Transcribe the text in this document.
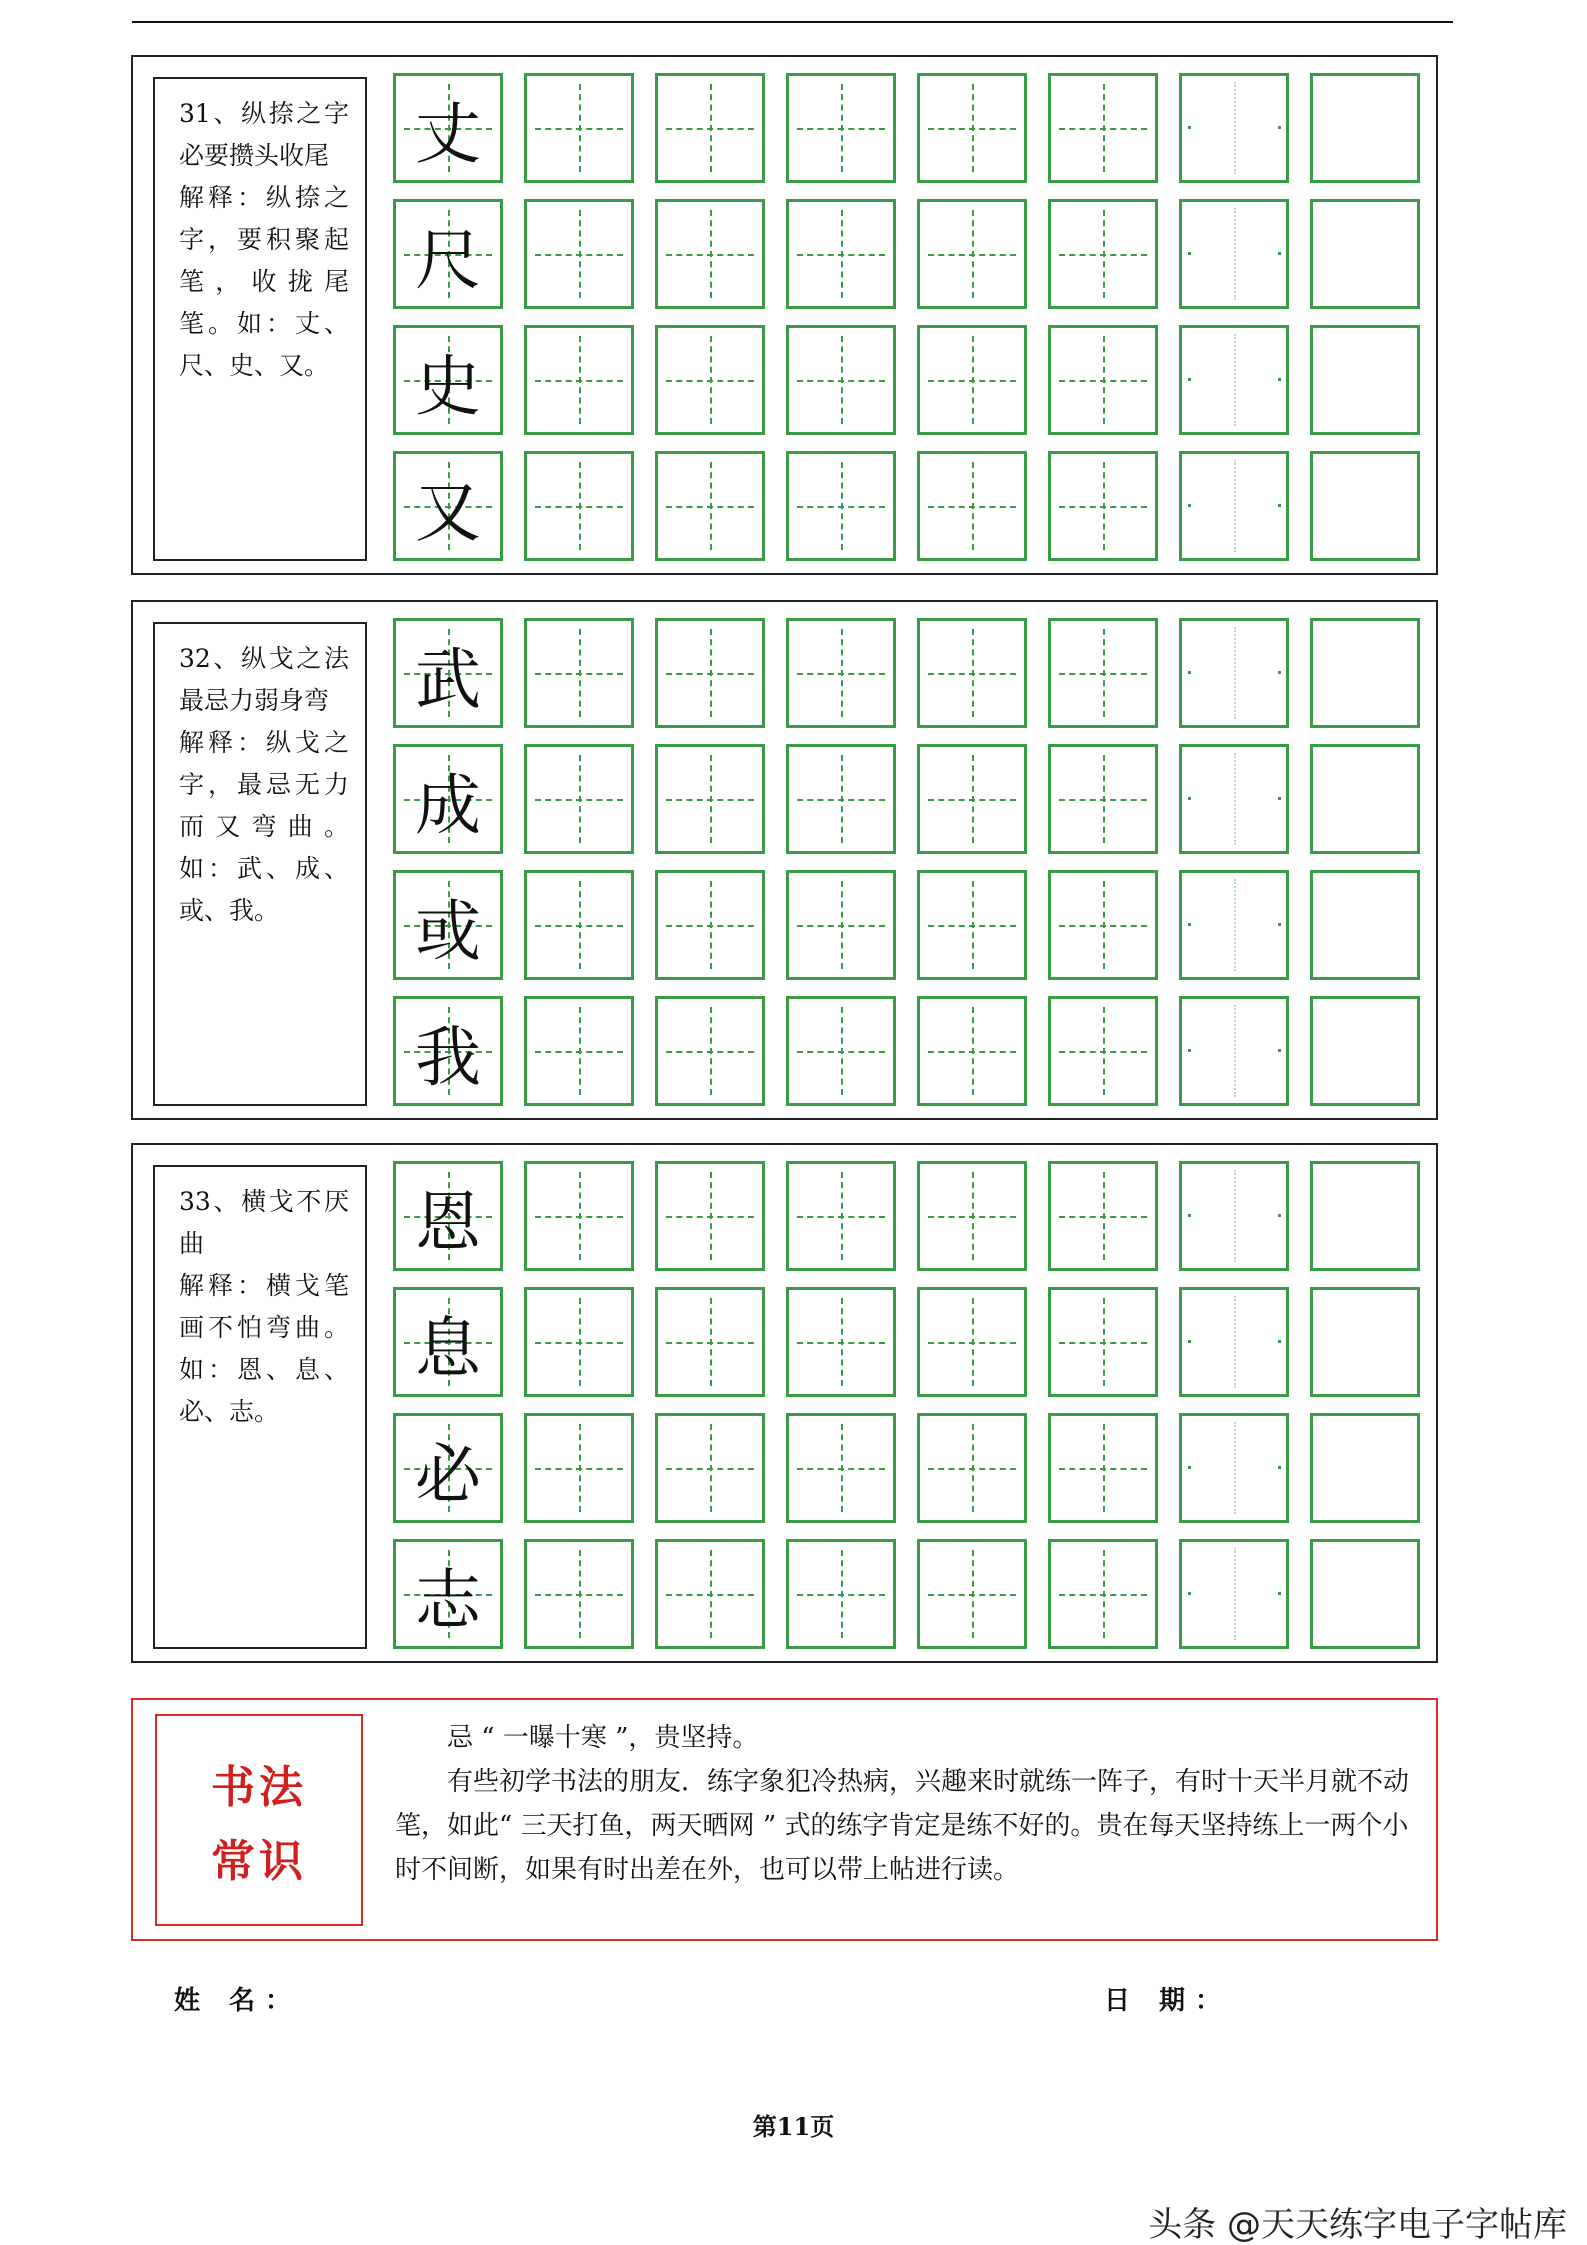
31、纵捺之字必要攒头收尾

解释：纵捺之字，要积聚起笔，收拢尾笔。如：丈、尺、史、又。

丈
尺
史
又

32、纵戈之法最忌力弱身弯

解释：纵戈之字，最忌无力而又弯曲。如：武、成、或、我。

武
成
或
我

33、横戈不厌曲

解释：横戈笔画不怕弯曲。如：恩、息、必、志。

恩
息
必
志
书法
常识

忌 “ 一曝十寒 ”，贵坚持。

有些初学书法的朋友．练字象犯冷热病，兴趣来时就练一阵子，有时十天半月就不动笔，如此“ 三天打鱼，两天晒网 ” 式的练字肯定是练不好的。贵在每天坚持练上一两个小时不间断，如果有时出差在外，也可以带上帖进行读。

姓 名：	日 期：
第11页
头条 @天天练字电子字帖库
